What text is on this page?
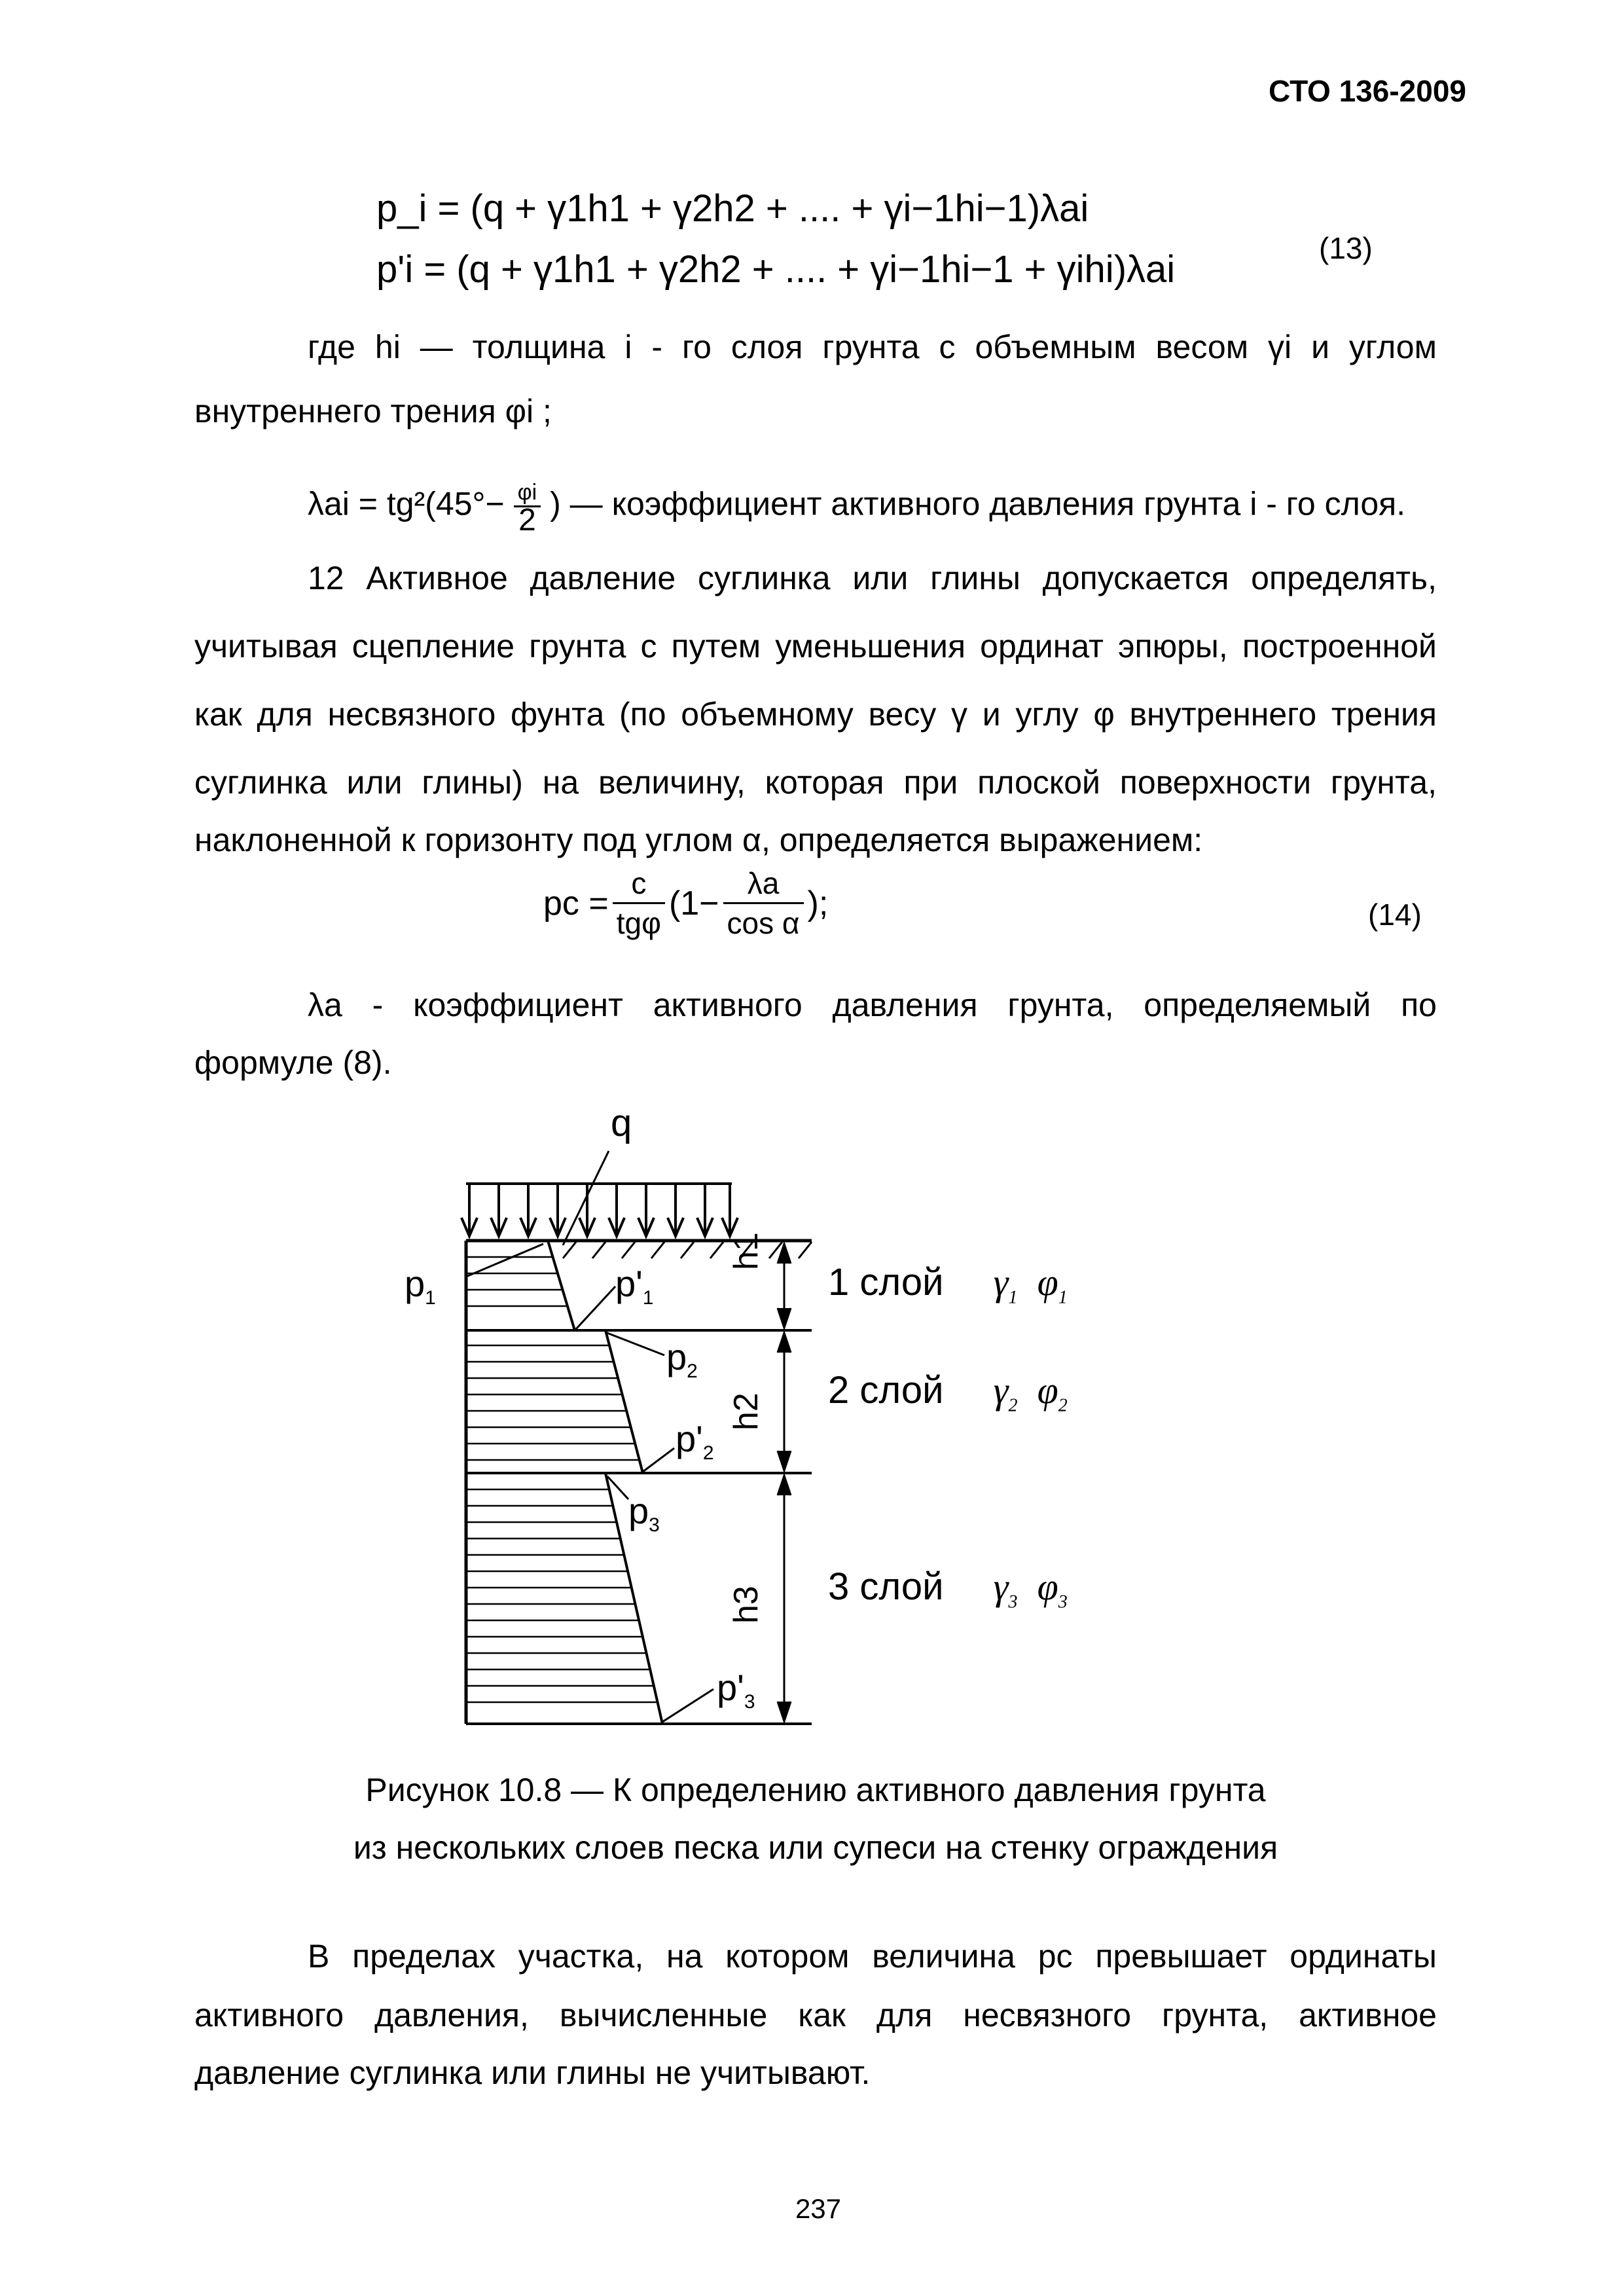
СТО 136-2009
p_i = (q + γ1h1 + γ2h2 + .... + γi−1hi−1)λai
p'i = (q + γ1h1 + γ2h2 + .... + γi−1hi−1 + γihi)λai	(13)
где hi — толщина i - го слоя грунта с объемным весом γi и углом
внутреннего трения φi ;
$\lambda ai = tg^2(45^\circ- \frac{\varphi i}{2}$ ) — коэффициент активного давления грунта i - го слоя.
12 Активное давление суглинка или глины допускается определять,
учитывая сцепление грунта c путем уменьшения ординат эпюры, построенной
как для несвязного фунта (по объемному весу γ и углу φ внутреннего трения
суглинка или глины) на величину, которая при плоской поверхности грунта,
наклоненной к горизонту под углом α, определяется выражением:
pc = $\frac{c}{\text{tgφ}} (1- \frac{\lambda a}{\text{cos α}}$ );	(14)
λa - коэффициент активного давления грунта, определяемый по
формуле (8).
q
$p_1$	$p'_1$
$p_2$
$p'_2$
$p_3$
$p'_3$
h1
h2
h3
1 слой $\gamma_1$ $\varphi_1$
2 слой $\gamma_2$ $\varphi_2$
3 слой $\gamma_3$ $\varphi_3$
Рисунок 10.8 — К определению активного давления грунта
из нескольких слоев песка или супеси на стенку ограждения
В пределах участка, на котором величина pc превышает ординаты
активного давления, вычисленные как для несвязного грунта, активное
давление суглинка или глины не учитывают.
237
